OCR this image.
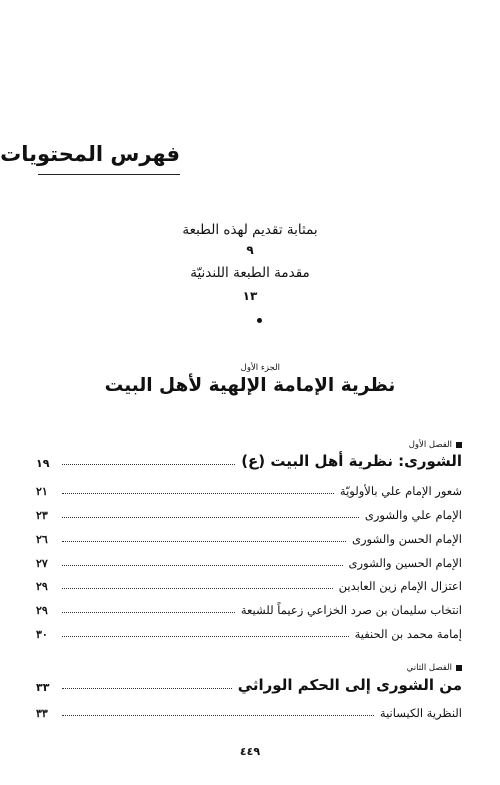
فهرس المحتويات
بمثابة تقديم لهذه الطبعة
٩
مقدمة الطبعة اللندنيّة
١٣
الجزء الأول
نظرية الإمامة الإلهية لأهل البيت
الفصل الأول
الشورى: نظرية أهل البيت (ع)
١٩
شعور الإمام علي بالأولويّة
٢١
الإمام علي والشورى
٢٣
الإمام الحسن والشورى
٢٦
الإمام الحسين والشورى
٢٧
اعتزال الإمام زين العابدين
٢٩
انتخاب سليمان بن صرد الخزاعي زعيماً للشيعة
٢٩
إمامة محمد بن الحنفية
٣٠
الفصل الثاني
من الشورى إلى الحكم الوراثي
٣٣
النظرية الكيسانية
٣٣
٤٤٩
